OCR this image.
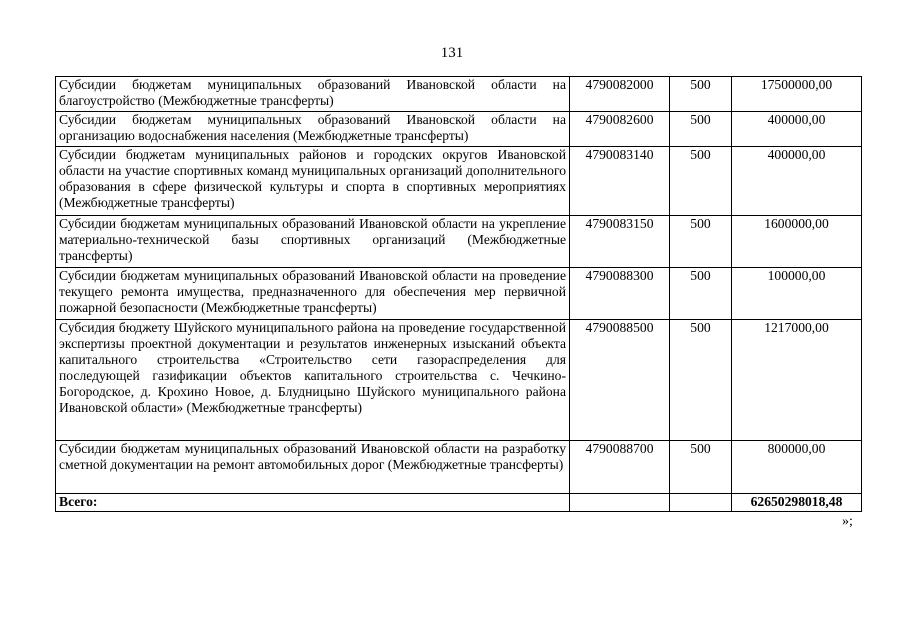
131
Субсидии бюджетам муниципальных образований Ивановской области на благоустройство (Межбюджетные трансферты)	4790082000	500	17500000,00
Субсидии бюджетам муниципальных образований Ивановской области на организацию водоснабжения населения (Межбюджетные трансферты)	4790082600	500	400000,00
Субсидии бюджетам муниципальных районов и городских округов Ивановской области на участие спортивных команд муниципальных организаций дополнительного образования в сфере физической культуры и спорта в спортивных мероприятиях (Межбюджетные трансферты)	4790083140	500	400000,00
Субсидии бюджетам муниципальных образований Ивановской области на укрепление материально-технической базы спортивных организаций (Межбюджетные трансферты)	4790083150	500	1600000,00
Субсидии бюджетам муниципальных образований Ивановской области на проведение текущего ремонта имущества, предназначенного для обеспечения мер первичной пожарной безопасности (Межбюджетные трансферты)	4790088300	500	100000,00
Субсидия бюджету Шуйского муниципального района на проведение государственной экспертизы проектной документации и результатов инженерных изысканий объекта капитального строительства «Строительство сети газораспределения для последующей газификации объектов капитального строительства с. Чечкино-Богородское, д. Крохино Новое, д. Блудницыно Шуйского муниципального района Ивановской области» (Межбюджетные трансферты)	4790088500	500	1217000,00
Субсидии бюджетам муниципальных образований Ивановской области на разработку сметной документации на ремонт автомобильных дорог (Межбюджетные трансферты)	4790088700	500	800000,00
Всего:			62650298018,48
»;
